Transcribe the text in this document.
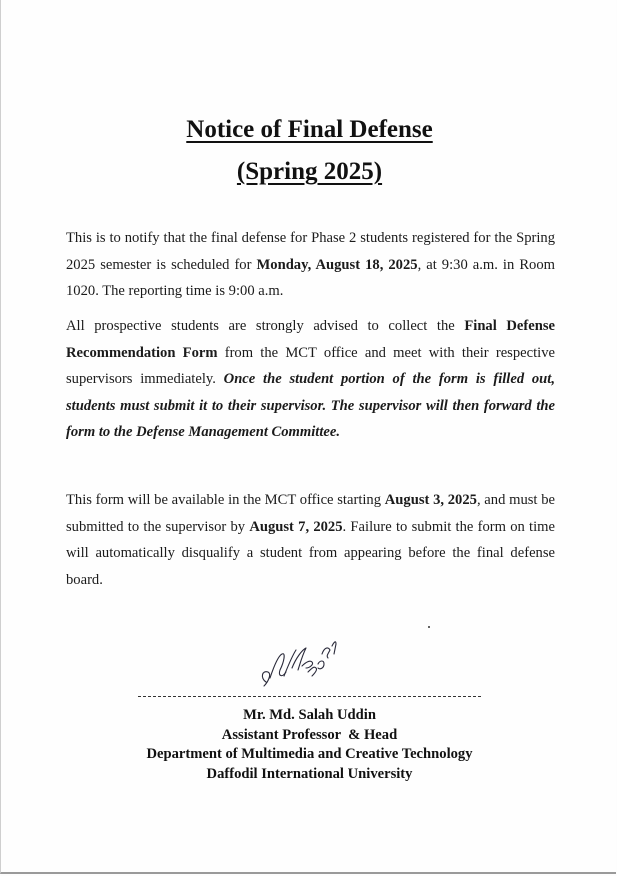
Notice of Final Defense
(Spring 2025)

This is to notify that the final defense for Phase 2 students registered for the Spring 2025 semester is scheduled for Monday, August 18, 2025, at 9:30 a.m. in Room 1020. The reporting time is 9:00 a.m.

All prospective students are strongly advised to collect the Final Defense Recommendation Form from the MCT office and meet with their respective supervisors immediately. Once the student portion of the form is filled out, students must submit it to their supervisor. The supervisor will then forward the form to the Defense Management Committee.

This form will be available in the MCT office starting August 3, 2025, and must be submitted to the supervisor by August 7, 2025. Failure to submit the form on time will automatically disqualify a student from appearing before the final defense board.

Mr. Md. Salah Uddin
Assistant Professor  & Head
Department of Multimedia and Creative Technology
Daffodil International University
